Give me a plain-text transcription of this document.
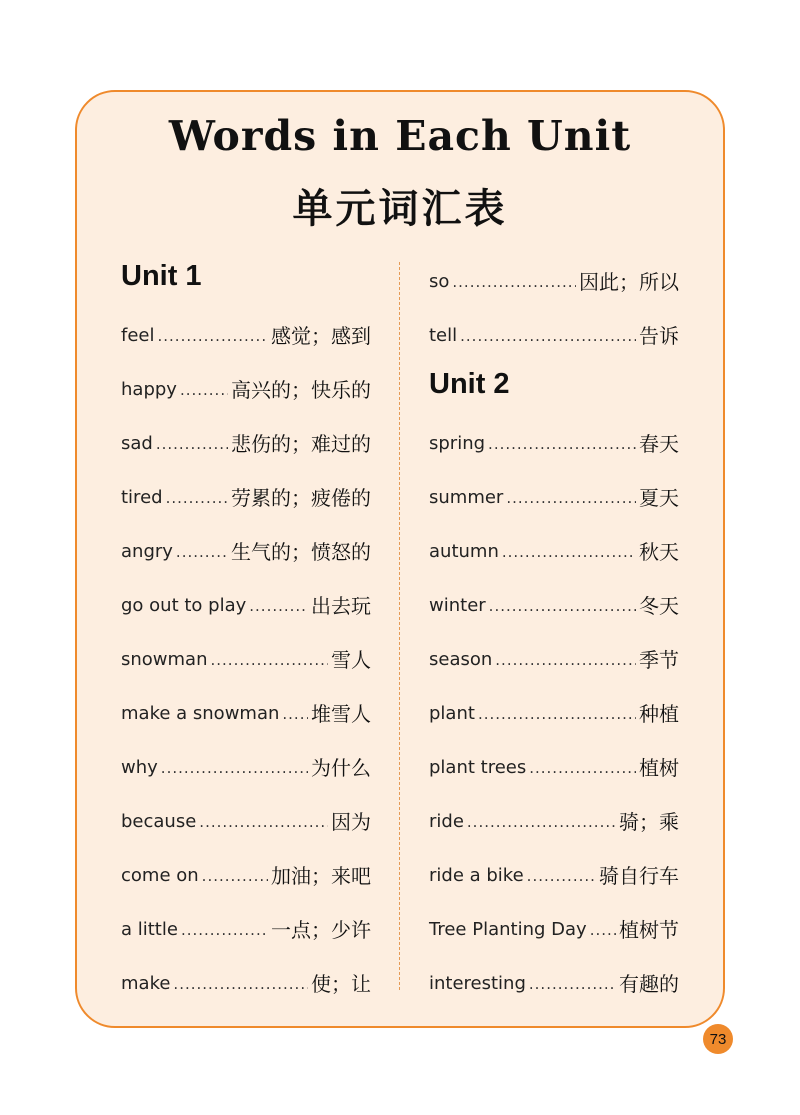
Words in Each Unit
单元词汇表
Unit 1
feel .....	感觉；感到
happy .....	高兴的；快乐的
sad .....	悲伤的；难过的
tired .....	劳累的；疲倦的
angry .....	生气的；愤怒的
go out to play .....	出去玩
snowman .....	雪人
make a snowman ..... 堆雪人
why .....	为什么
because .....	因为
come on .....	加油；来吧
a little .....	一点；少许
make .....	使；让
so .....	因此；所以
tell .....	告诉
Unit 2
spring .....	春天
summer .....	夏天
autumn .....	秋天
winter .....	冬天
season .....	季节
plant .....	种植
plant trees .....	植树
ride .....	骑；乘
ride a bike .....	骑自行车
Tree Planting Day ..... 植树节
interesting .....	有趣的
73
